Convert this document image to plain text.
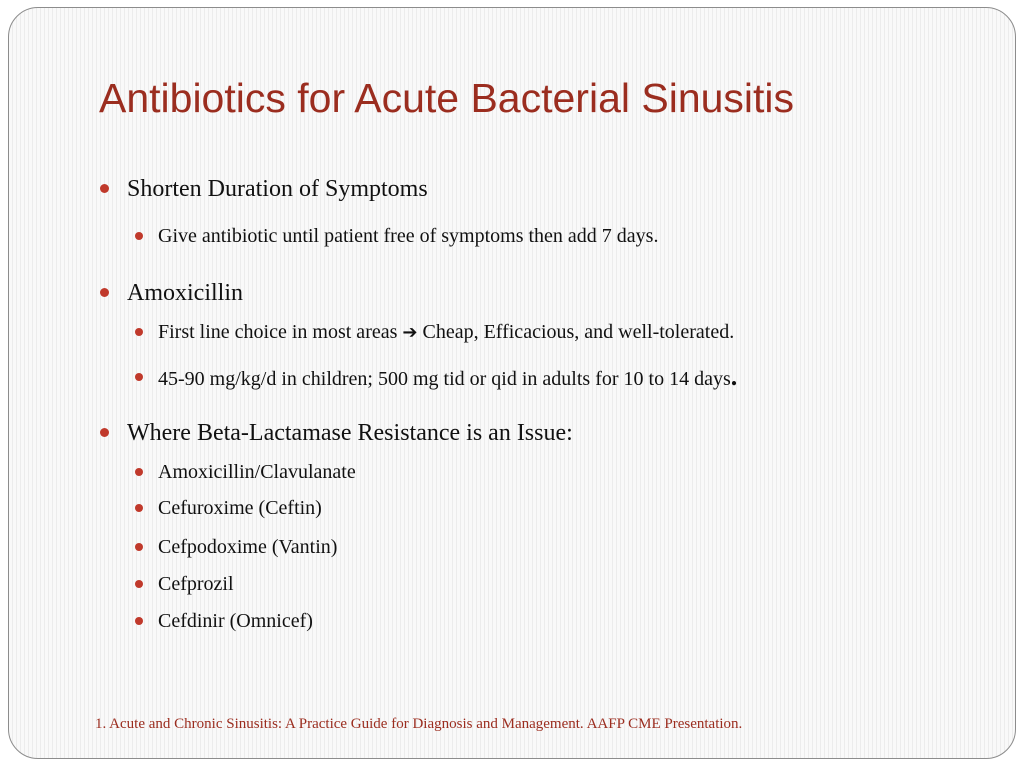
Antibiotics for Acute Bacterial Sinusitis
Shorten Duration of Symptoms
Give antibiotic until patient free of symptoms then add 7 days.
Amoxicillin
First line choice in most areas ➔ Cheap, Efficacious, and well-tolerated.
45-90 mg/kg/d in children; 500 mg tid or qid in adults for 10 to 14 days.
Where Beta-Lactamase Resistance is an Issue:
Amoxicillin/Clavulanate
Cefuroxime (Ceftin)
Cefpodoxime (Vantin)
Cefprozil
Cefdinir (Omnicef)
1. Acute and Chronic Sinusitis: A Practice Guide for Diagnosis and Management. AAFP CME Presentation.
